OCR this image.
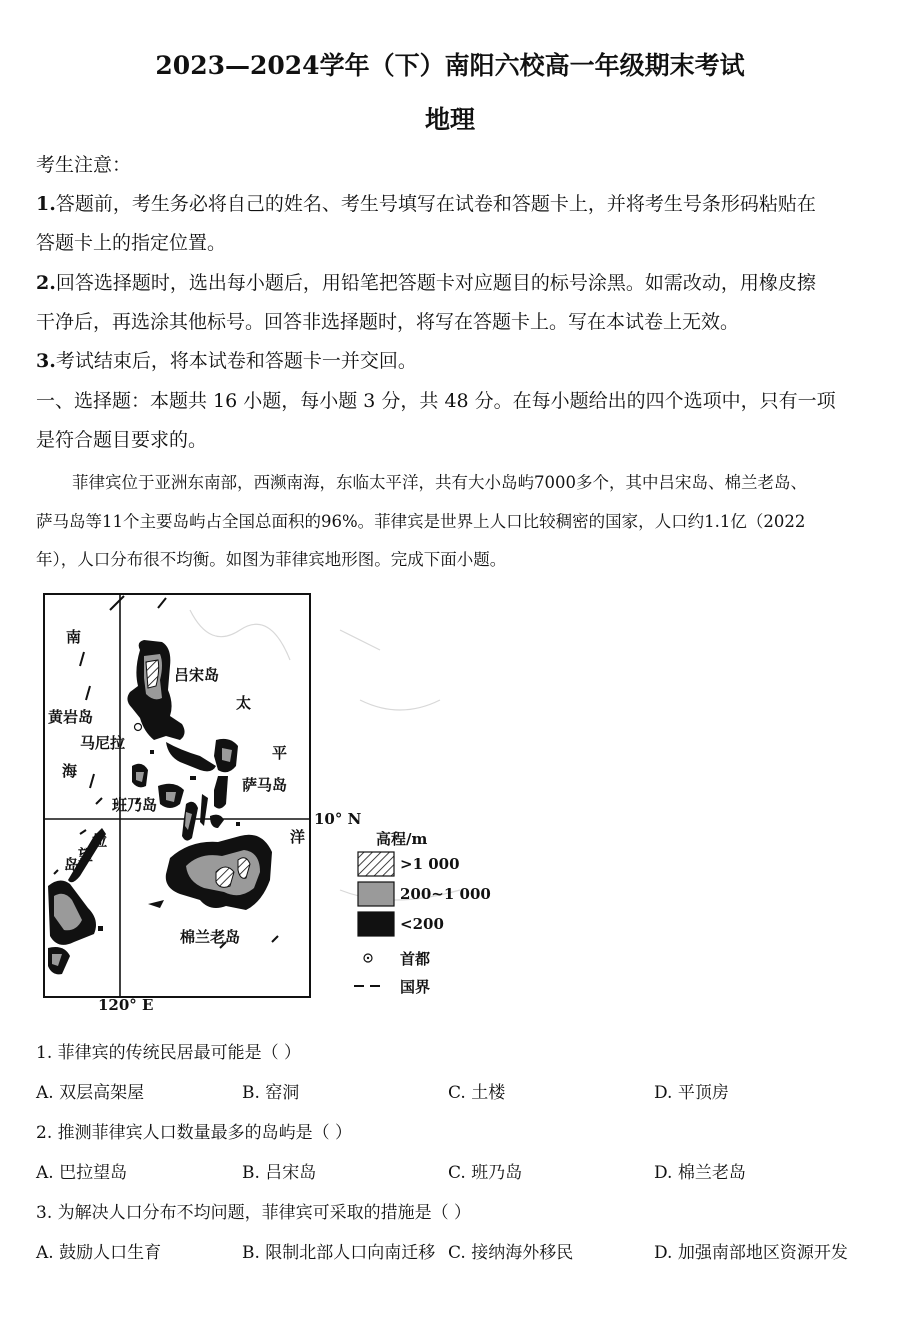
2023—2024学年（下）南阳六校高一年级期末考试
地理
考生注意：
1.答题前，考生务必将自己的姓名、考生号填写在试卷和答题卡上，并将考生号条形码粘贴在
答题卡上的指定位置。
2.回答选择题时，选出每小题后，用铅笔把答题卡对应题目的标号涂黑。如需改动，用橡皮擦
干净后，再选涂其他标号。回答非选择题时，将写在答题卡上。写在本试卷上无效。
3.考试结束后，将本试卷和答题卡一并交回。
一、选择题：本题共 16 小题，每小题 3 分，共 48 分。在每小题给出的四个选项中，只有一项
是符合题目要求的。
菲律宾位于亚洲东南部，西濒南海，东临太平洋，共有大小岛屿7000多个，其中吕宋岛、棉兰老岛、
萨马岛等11个主要岛屿占全国总面积的96%。菲律宾是世界上人口比较稠密的国家，人口约1.1亿（2022
年），人口分布很不均衡。如图为菲律宾地形图。完成下面小题。
南
黄岩岛
马尼拉
海
吕宋岛
太
平
萨马岛
洋
班乃岛
拉
望
岛
棉兰老岛
10° N
120° E
高程/m
>1 000
200~1 000
<200
首都
国界
1. 菲律宾的传统民居最可能是（ ）
A. 双层高架屋	B. 窑洞	C. 土楼	D. 平顶房
2. 推测菲律宾人口数量最多的岛屿是（ ）
A. 巴拉望岛	B. 吕宋岛	C. 班乃岛	D. 棉兰老岛
3. 为解决人口分布不均问题，菲律宾可采取的措施是（ ）
A. 鼓励人口生育	B. 限制北部人口向南迁移 C. 接纳海外移民	D. 加强南部地区资源开发
